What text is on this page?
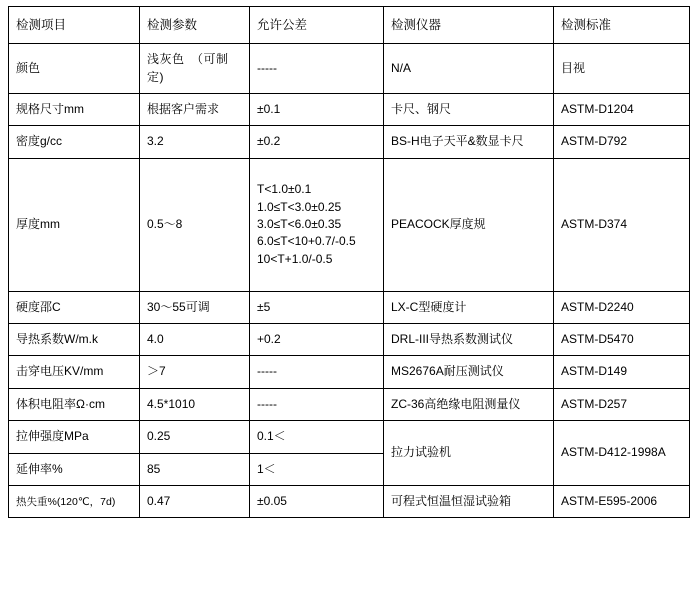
检测项目	检测参数	允许公差	检测仪器	检测标准
颜色	浅灰色　（可制定)	-----	N/A	目视
规格尺寸mm	根据客户需求	±0.1	卡尺、钢尺	ASTM-D1204
密度g/cc	3.2	±0.2	BS-H电子天平&数显卡尺	ASTM-D792
厚度mm	0.5～8	T<1.0±0.1
1.0≤T<3.0±0.25
3.0≤T<6.0±0.35
6.0≤T<10+0.7/-0.5
10<T+1.0/-0.5	PEACOCK厚度规	ASTM-D374
硬度邵C	30～55可调	±5	LX-C型硬度计	ASTM-D2240
导热系数W/m.k	4.0	+0.2	DRL-III导热系数测试仪	ASTM-D5470
击穿电压KV/mm	＞7	-----	MS2676A耐压测试仪	ASTM-D149
体积电阻率Ω·cm	4.5*1010	-----	ZC-36高绝缘电阻测量仪	ASTM-D257
拉伸强度MPa	0.25	0.1＜	拉力试验机	ASTM-D412-1998A
延伸率%	85	1＜		
热失重%(120℃，7d)	0.47	±0.05	可程式恒温恒湿试验箱	ASTM-E595-2006
